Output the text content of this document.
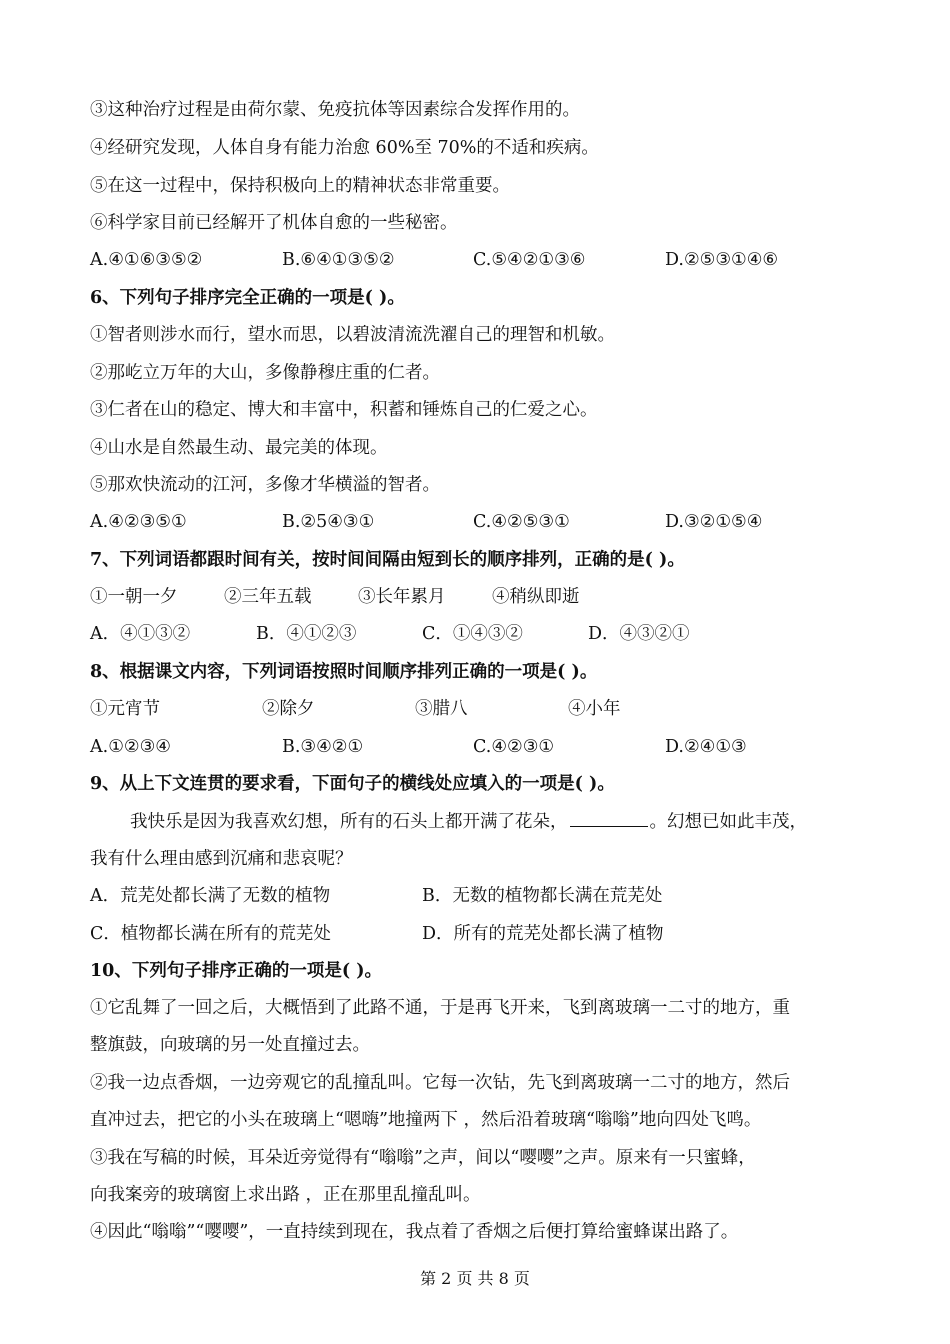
③这种治疗过程是由荷尔蒙、免疫抗体等因素综合发挥作用的。
④经研究发现，人体自身有能力治愈 60%至 70%的不适和疾病。
⑤在这一过程中，保持积极向上的精神状态非常重要。
⑥科学家目前已经解开了机体自愈的一些秘密。
A.④①⑥③⑤②	B.⑥④①③⑤②	C.⑤④②①③⑥	D.②⑤③①④⑥
6、下列句子排序完全正确的一项是( )。
①智者则涉水而行，望水而思，以碧波清流洗濯自己的理智和机敏。
②那屹立万年的大山，多像静穆庄重的仁者。
③仁者在山的稳定、博大和丰富中，积蓄和锤炼自己的仁爱之心。
④山水是自然最生动、最完美的体现。
⑤那欢快流动的江河，多像才华横溢的智者。
A.④②③⑤①	B.②5④③①	C.④②⑤③①	D.③②①⑤④
7、下列词语都跟时间有关，按时间间隔由短到长的顺序排列，正确的是( )。
①一朝一夕	②三年五载	③长年累月	④稍纵即逝
A．④①③②	B．④①②③	C．①④③②	D．④③②①
8、根据课文内容，下列词语按照时间顺序排列正确的一项是( )。
①元宵节	②除夕	③腊八	④小年
A.①②③④	B.③④②①	C.④②③①	D.②④①③
9、从上下文连贯的要求看，下面句子的横线处应填入的一项是( )。
我快乐是因为我喜欢幻想，所有的石头上都开满了花朵，	。幻想已如此丰茂，
我有什么理由感到沉痛和悲哀呢？
A．荒芜处都长满了无数的植物	B．无数的植物都长满在荒芜处
C．植物都长满在所有的荒芜处	D．所有的荒芜处都长满了植物
10、下列句子排序正确的一项是( )。
①它乱舞了一回之后，大概悟到了此路不通，于是再飞开来，飞到离玻璃一二寸的地方，重
整旗鼓，向玻璃的另一处直撞过去。
②我一边点香烟，一边旁观它的乱撞乱叫。它每一次钻，先飞到离玻璃一二寸的地方，然后
直冲过去，把它的小头在玻璃上“嗯嗨”地撞两下 ，然后沿着玻璃“嗡嗡”地向四处飞鸣。
③我在写稿的时候，耳朵近旁觉得有“嗡嗡”之声，间以“嘤嘤”之声。原来有一只蜜蜂，
向我案旁的玻璃窗上求出路 ，正在那里乱撞乱叫。
④因此“嗡嗡”“嘤嘤”，一直持续到现在，我点着了香烟之后便打算给蜜蜂谋出路了。
第 2 页 共 8 页
